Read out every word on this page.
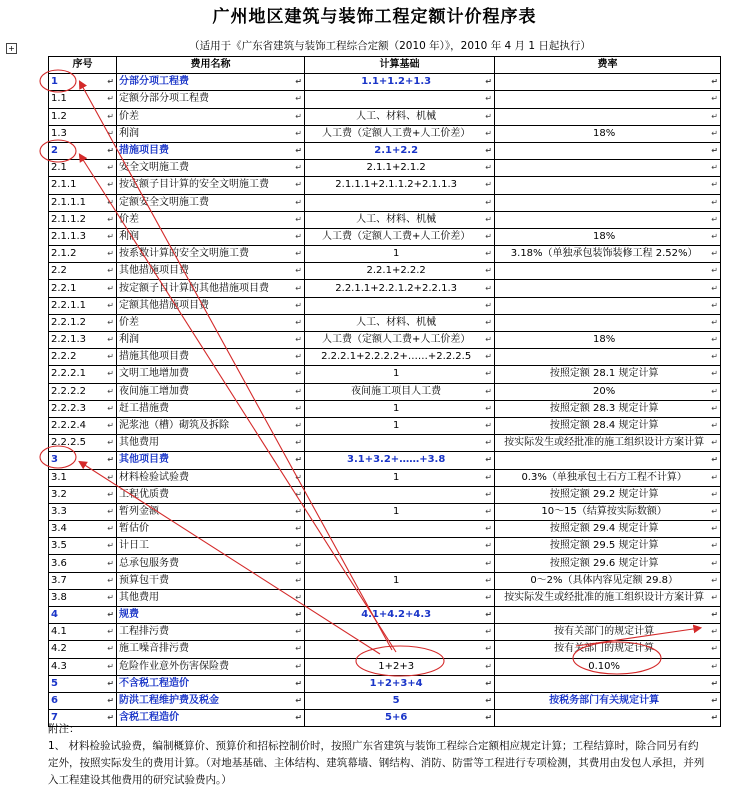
广州地区建筑与装饰工程定额计价程序表
+	（适用于《广东省建筑与装饰工程综合定额（2010 年）》，2010 年 4 月 1 日起执行）
序号	费用名称	计算基础	费率
1 ↵	分部分项工程费 ↵	1.1+1.2+1.3 ↵	↵

1.1 ↵	定额分部分项工程费 ↵	↵	↵

1.2 ↵	价差 ↵	人工、材料、机械 ↵	↵

1.3 ↵	利润 ↵	人工费（定额人工费+人工价差） ↵	18% ↵

2 ↵	措施项目费 ↵	2.1+2.2 ↵	↵

2.1 ↵	安全文明施工费 ↵	2.1.1+2.1.2 ↵	↵

2.1.1 ↵	按定额子目计算的安全文明施工费 ↵	2.1.1.1+2.1.1.2+2.1.1.3 ↵	↵

2.1.1.1 ↵	定额安全文明施工费 ↵	↵	↵

2.1.1.2 ↵	价差 ↵	人工、材料、机械 ↵	↵

2.1.1.3 ↵	利润 ↵	人工费（定额人工费+人工价差） ↵	18% ↵

2.1.2 ↵	按系数计算的安全文明施工费 ↵	1 ↵	3.18%（单独承包装饰装修工程 2.52%） ↵

2.2 ↵	其他措施项目费 ↵	2.2.1+2.2.2 ↵	↵

2.2.1 ↵	按定额子目计算的其他措施项目费 ↵	2.2.1.1+2.2.1.2+2.2.1.3 ↵	↵

2.2.1.1 ↵	定额其他措施项目费 ↵	↵	↵

2.2.1.2 ↵	价差 ↵	人工、材料、机械 ↵	↵

2.2.1.3 ↵	利润 ↵	人工费（定额人工费+人工价差） ↵	18% ↵

2.2.2 ↵	措施其他项目费 ↵	2.2.2.1+2.2.2.2+……+2.2.2.5 ↵	↵

2.2.2.1 ↵	文明工地增加费 ↵	1 ↵	按照定额 28.1 规定计算 ↵

2.2.2.2 ↵	夜间施工增加费 ↵	夜间施工项目人工费 ↵	20% ↵

2.2.2.3 ↵	赶工措施费 ↵	1 ↵	按照定额 28.3 规定计算 ↵

2.2.2.4 ↵	泥浆池（槽）砌筑及拆除 ↵	1 ↵	按照定额 28.4 规定计算 ↵

2.2.2.5 ↵	其他费用 ↵	↵	按实际发生或经批准的施工组织设计方案计算 ↵

3 ↵	其他项目费 ↵	3.1+3.2+……+3.8 ↵	↵

3.1 ↵	材料检验试验费 ↵	1 ↵	0.3%（单独承包土石方工程不计算） ↵

3.2 ↵	工程优质费 ↵	↵	按照定额 29.2 规定计算 ↵

3.3 ↵	暂列金额 ↵	1 ↵	10～15（结算按实际数额） ↵

3.4 ↵	暂估价 ↵	↵	按照定额 29.4 规定计算 ↵

3.5 ↵	计日工 ↵	↵	按照定额 29.5 规定计算 ↵

3.6 ↵	总承包服务费 ↵	↵	按照定额 29.6 规定计算 ↵

3.7 ↵	预算包干费 ↵	1 ↵	0～2%（具体内容见定额 29.8） ↵

3.8 ↵	其他费用 ↵	↵	按实际发生或经批准的施工组织设计方案计算 ↵

4 ↵	规费 ↵	4.1+4.2+4.3 ↵	↵

4.1 ↵	工程排污费 ↵	↵	按有关部门的规定计算 ↵

4.2 ↵	施工噪音排污费 ↵	↵	按有关部门的规定计算 ↵

4.3 ↵	危险作业意外伤害保险费 ↵	1+2+3 ↵	0.10% ↵

5 ↵	不含税工程造价 ↵	1+2+3+4 ↵	↵

6 ↵	防洪工程维护费及税金 ↵	5 ↵	按税务部门有关规定计算 ↵

7 ↵	含税工程造价 ↵	5+6 ↵	↵
附注：
1、 材料检验试验费，编制概算价、预算价和招标控制价时，按照广东省建筑与装饰工程综合定额相应规定计算；工程结算时，除合同另有约定外，按照实际发生的费用计算。（对地基基础、主体结构、建筑幕墙、钢结构、消防、防雷等工程进行专项检测，其费用由发包人承担，并列入工程建设其他费用的研究试验费内。）
